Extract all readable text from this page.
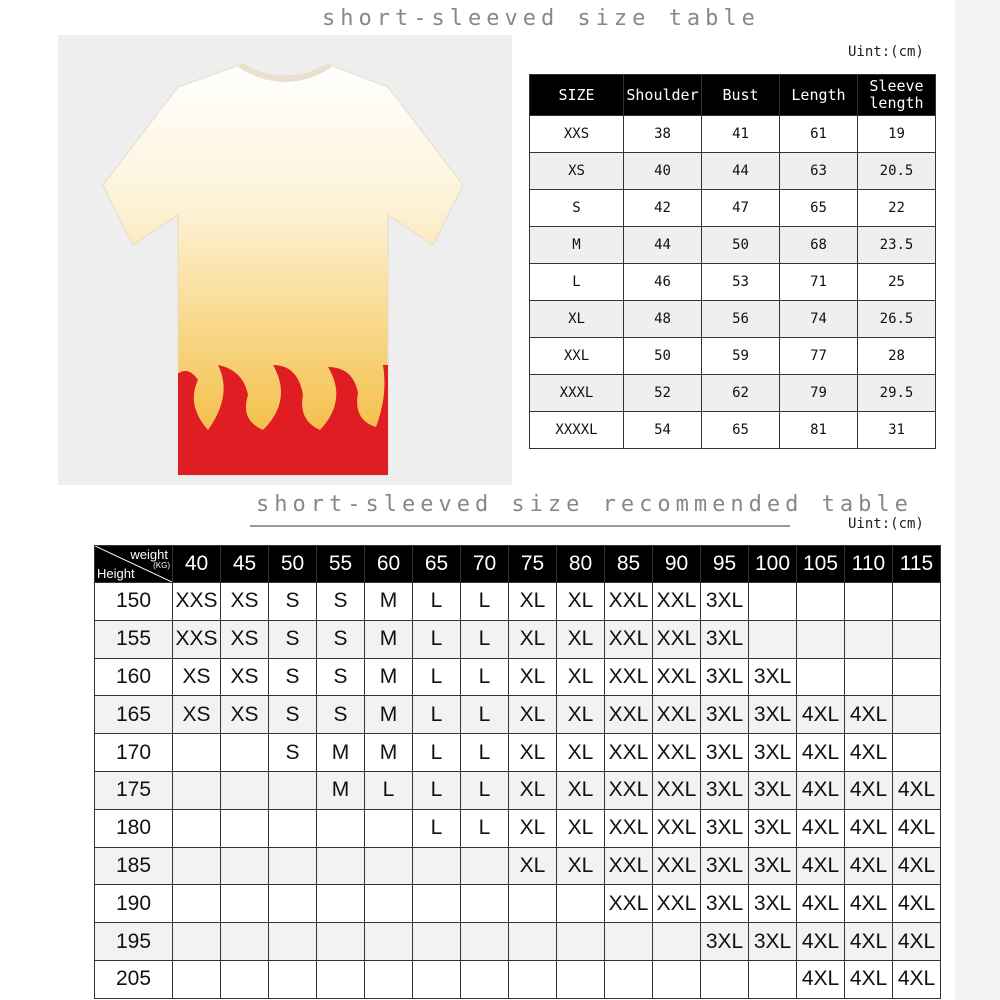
short-sleeved size table
Uint:(cm)
SIZE	Shoulder	Bust	Length	Sleeve
length
XXS	38	41	61	19
XS	40	44	63	20.5
S	42	47	65	22
M	44	50	68	23.5
L	46	53	71	25
XL	48	56	74	26.5
XXL	50	59	77	28
XXXL	52	62	79	29.5
XXXXL	54	65	81	31
short-sleeved size recommended table
Uint:(cm)
weight
(KG)
Height	40	45	50	55	60	65	70	75	80	85	90	95	100	105	110	115
150	XXS	XS	S	S	M	L	L	XL	XL	XXL	XXL	3XL				
155	XXS	XS	S	S	M	L	L	XL	XL	XXL	XXL	3XL				
160	XS	XS	S	S	M	L	L	XL	XL	XXL	XXL	3XL	3XL			
165	XS	XS	S	S	M	L	L	XL	XL	XXL	XXL	3XL	3XL	4XL	4XL	
170			S	M	M	L	L	XL	XL	XXL	XXL	3XL	3XL	4XL	4XL	
175				M	L	L	L	XL	XL	XXL	XXL	3XL	3XL	4XL	4XL	4XL
180						L	L	XL	XL	XXL	XXL	3XL	3XL	4XL	4XL	4XL
185								XL	XL	XXL	XXL	3XL	3XL	4XL	4XL	4XL
190										XXL	XXL	3XL	3XL	4XL	4XL	4XL
195												3XL	3XL	4XL	4XL	4XL
205														4XL	4XL	4XL
